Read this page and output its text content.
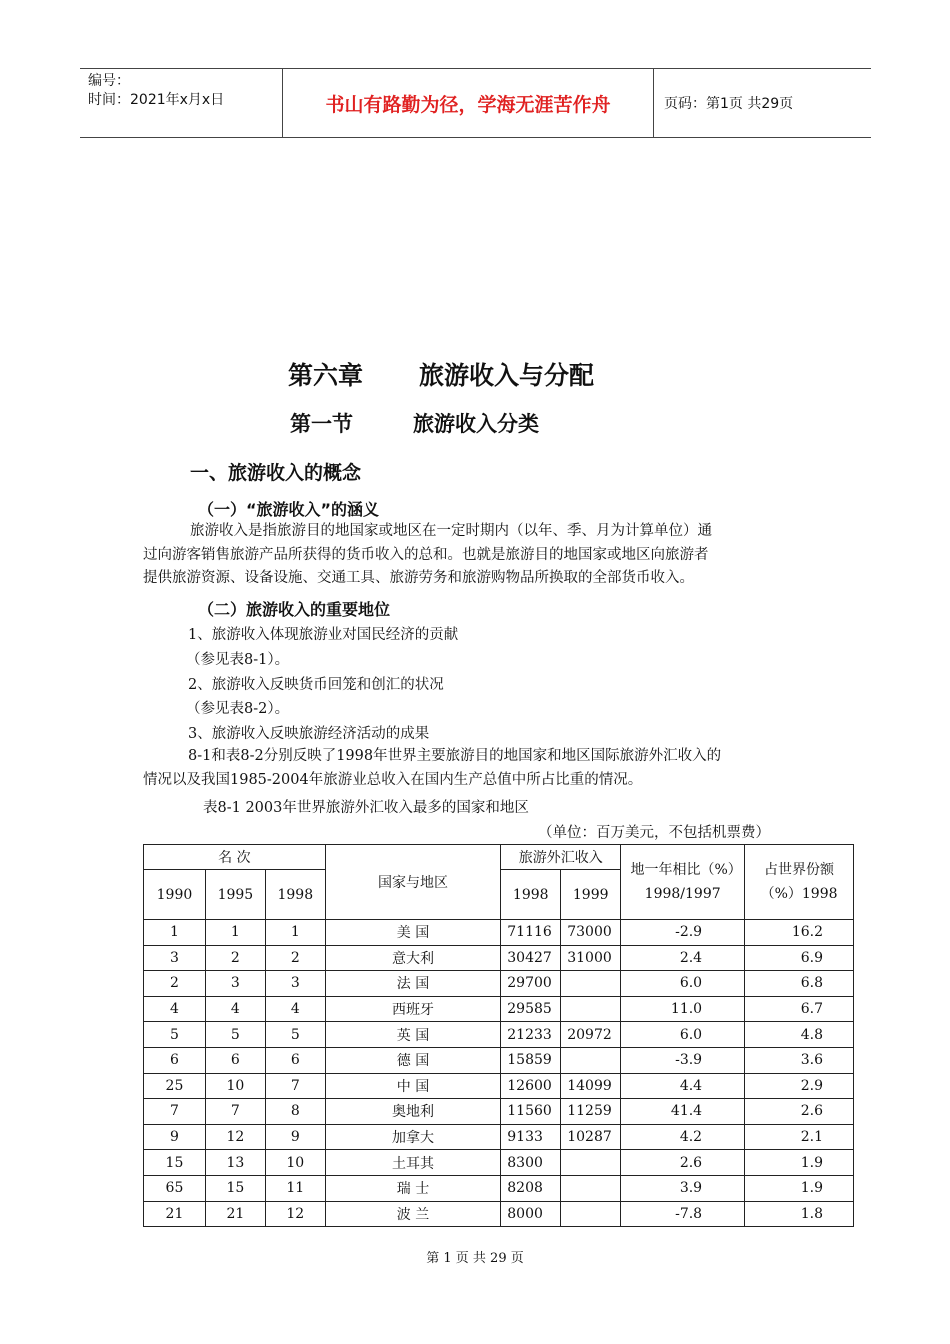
编号：
时间：2021年x月x日	书山有路勤为径，学海无涯苦作舟	页码：第1页 共29页
第六章 旅游收入与分配
第一节	旅游收入分类
一、旅游收入的概念
（一）“旅游收入”的涵义
旅游收入是指旅游目的地国家或地区在一定时期内（以年、季、月为计算单位）通
过向游客销售旅游产品所获得的货币收入的总和。也就是旅游目的地国家或地区向旅游者
提供旅游资源、设备设施、交通工具、旅游劳务和旅游购物品所换取的全部货币收入。
（二）旅游收入的重要地位
1、旅游收入体现旅游业对国民经济的贡献
（参见表8-1）。
2、旅游收入反映货币回笼和创汇的状况
（参见表8-2）。
3、旅游收入反映旅游经济活动的成果
8-1和表8-2分别反映了1998年世界主要旅游目的地国家和地区国际旅游外汇收入的
情况以及我国1985-2004年旅游业总收入在国内生产总值中所占比重的情况。
表8-1 2003年世界旅游外汇收入最多的国家和地区
（单位：百万美元，不包括机票费）
名 次			国家与地区	旅游外汇收入		地一年相比（%）1998/1997	占世界份额（%）1998
1990	1995	1998		1998	1999		
1	1	1	美 国	71116	73000	-2.9	16.2
3	2	2	意大利	30427	31000	2.4	6.9
2	3	3	法 国	29700		6.0	6.8
4	4	4	西班牙	29585		11.0	6.7
5	5	5	英 国	21233	20972	6.0	4.8
6	6	6	德 国	15859		-3.9	3.6
25	10	7	中 国	12600	14099	4.4	2.9
7	7	8	奥地利	11560	11259	41.4	2.6
9	12	9	加拿大	9133	10287	4.2	2.1
15	13	10	土耳其	8300		2.6	1.9
65	15	11	瑞 士	8208		3.9	1.9
21	21	12	波 兰	8000		-7.8	1.8
第 1 页 共 29 页
